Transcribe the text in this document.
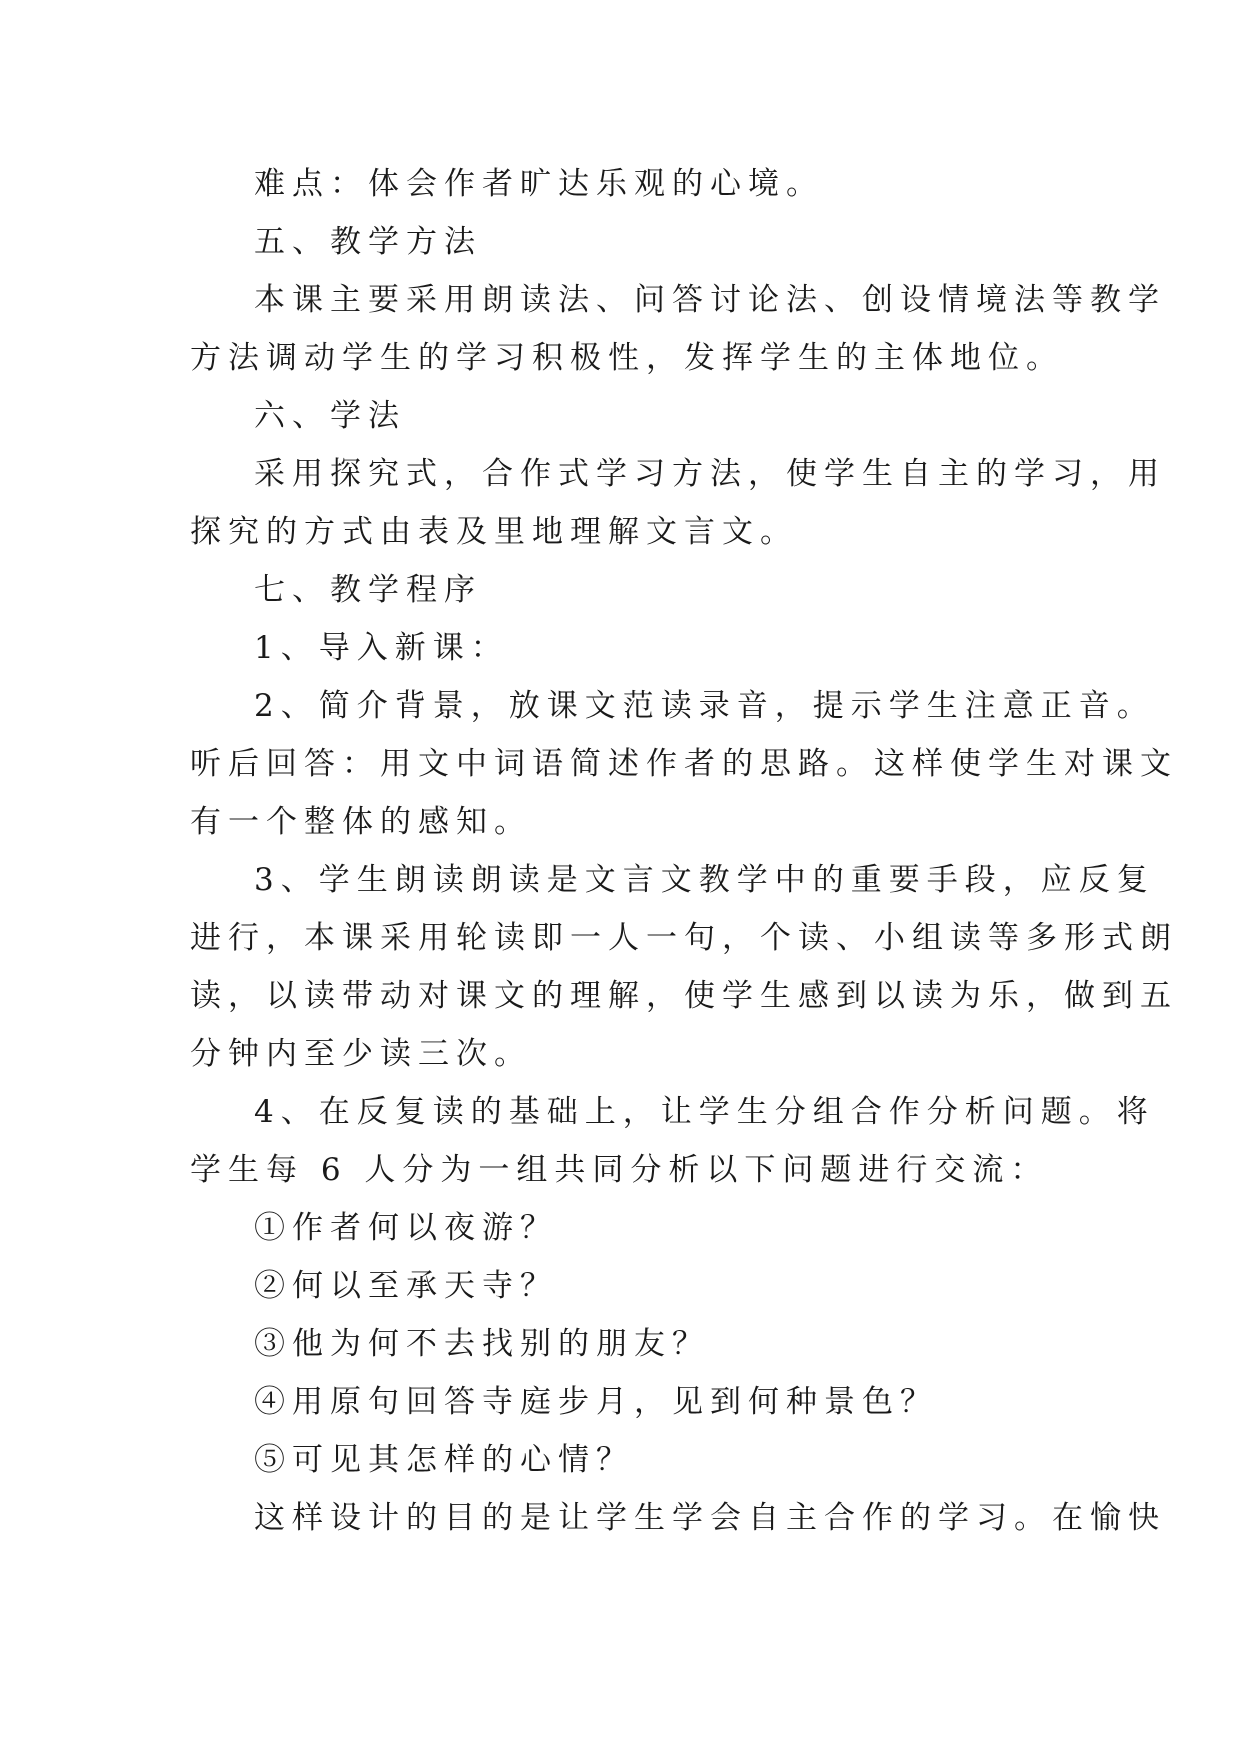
难点：体会作者旷达乐观的心境。
五、教学方法
本课主要采用朗读法、问答讨论法、创设情境法等教学
方法调动学生的学习积极性，发挥学生的主体地位。
六、学法
采用探究式，合作式学习方法，使学生自主的学习，用
探究的方式由表及里地理解文言文。
七、教学程序
1、导入新课：
2、简介背景，放课文范读录音，提示学生注意正音。
听后回答：用文中词语简述作者的思路。这样使学生对课文
有一个整体的感知。
3、学生朗读朗读是文言文教学中的重要手段，应反复
进行，本课采用轮读即一人一句，个读、小组读等多形式朗
读，以读带动对课文的理解，使学生感到以读为乐，做到五
分钟内至少读三次。
4、在反复读的基础上，让学生分组合作分析问题。将
学生每 6 人分为一组共同分析以下问题进行交流：
①作者何以夜游？
②何以至承天寺？
③他为何不去找别的朋友？
④用原句回答寺庭步月，见到何种景色？
⑤可见其怎样的心情？
这样设计的目的是让学生学会自主合作的学习。在愉快
